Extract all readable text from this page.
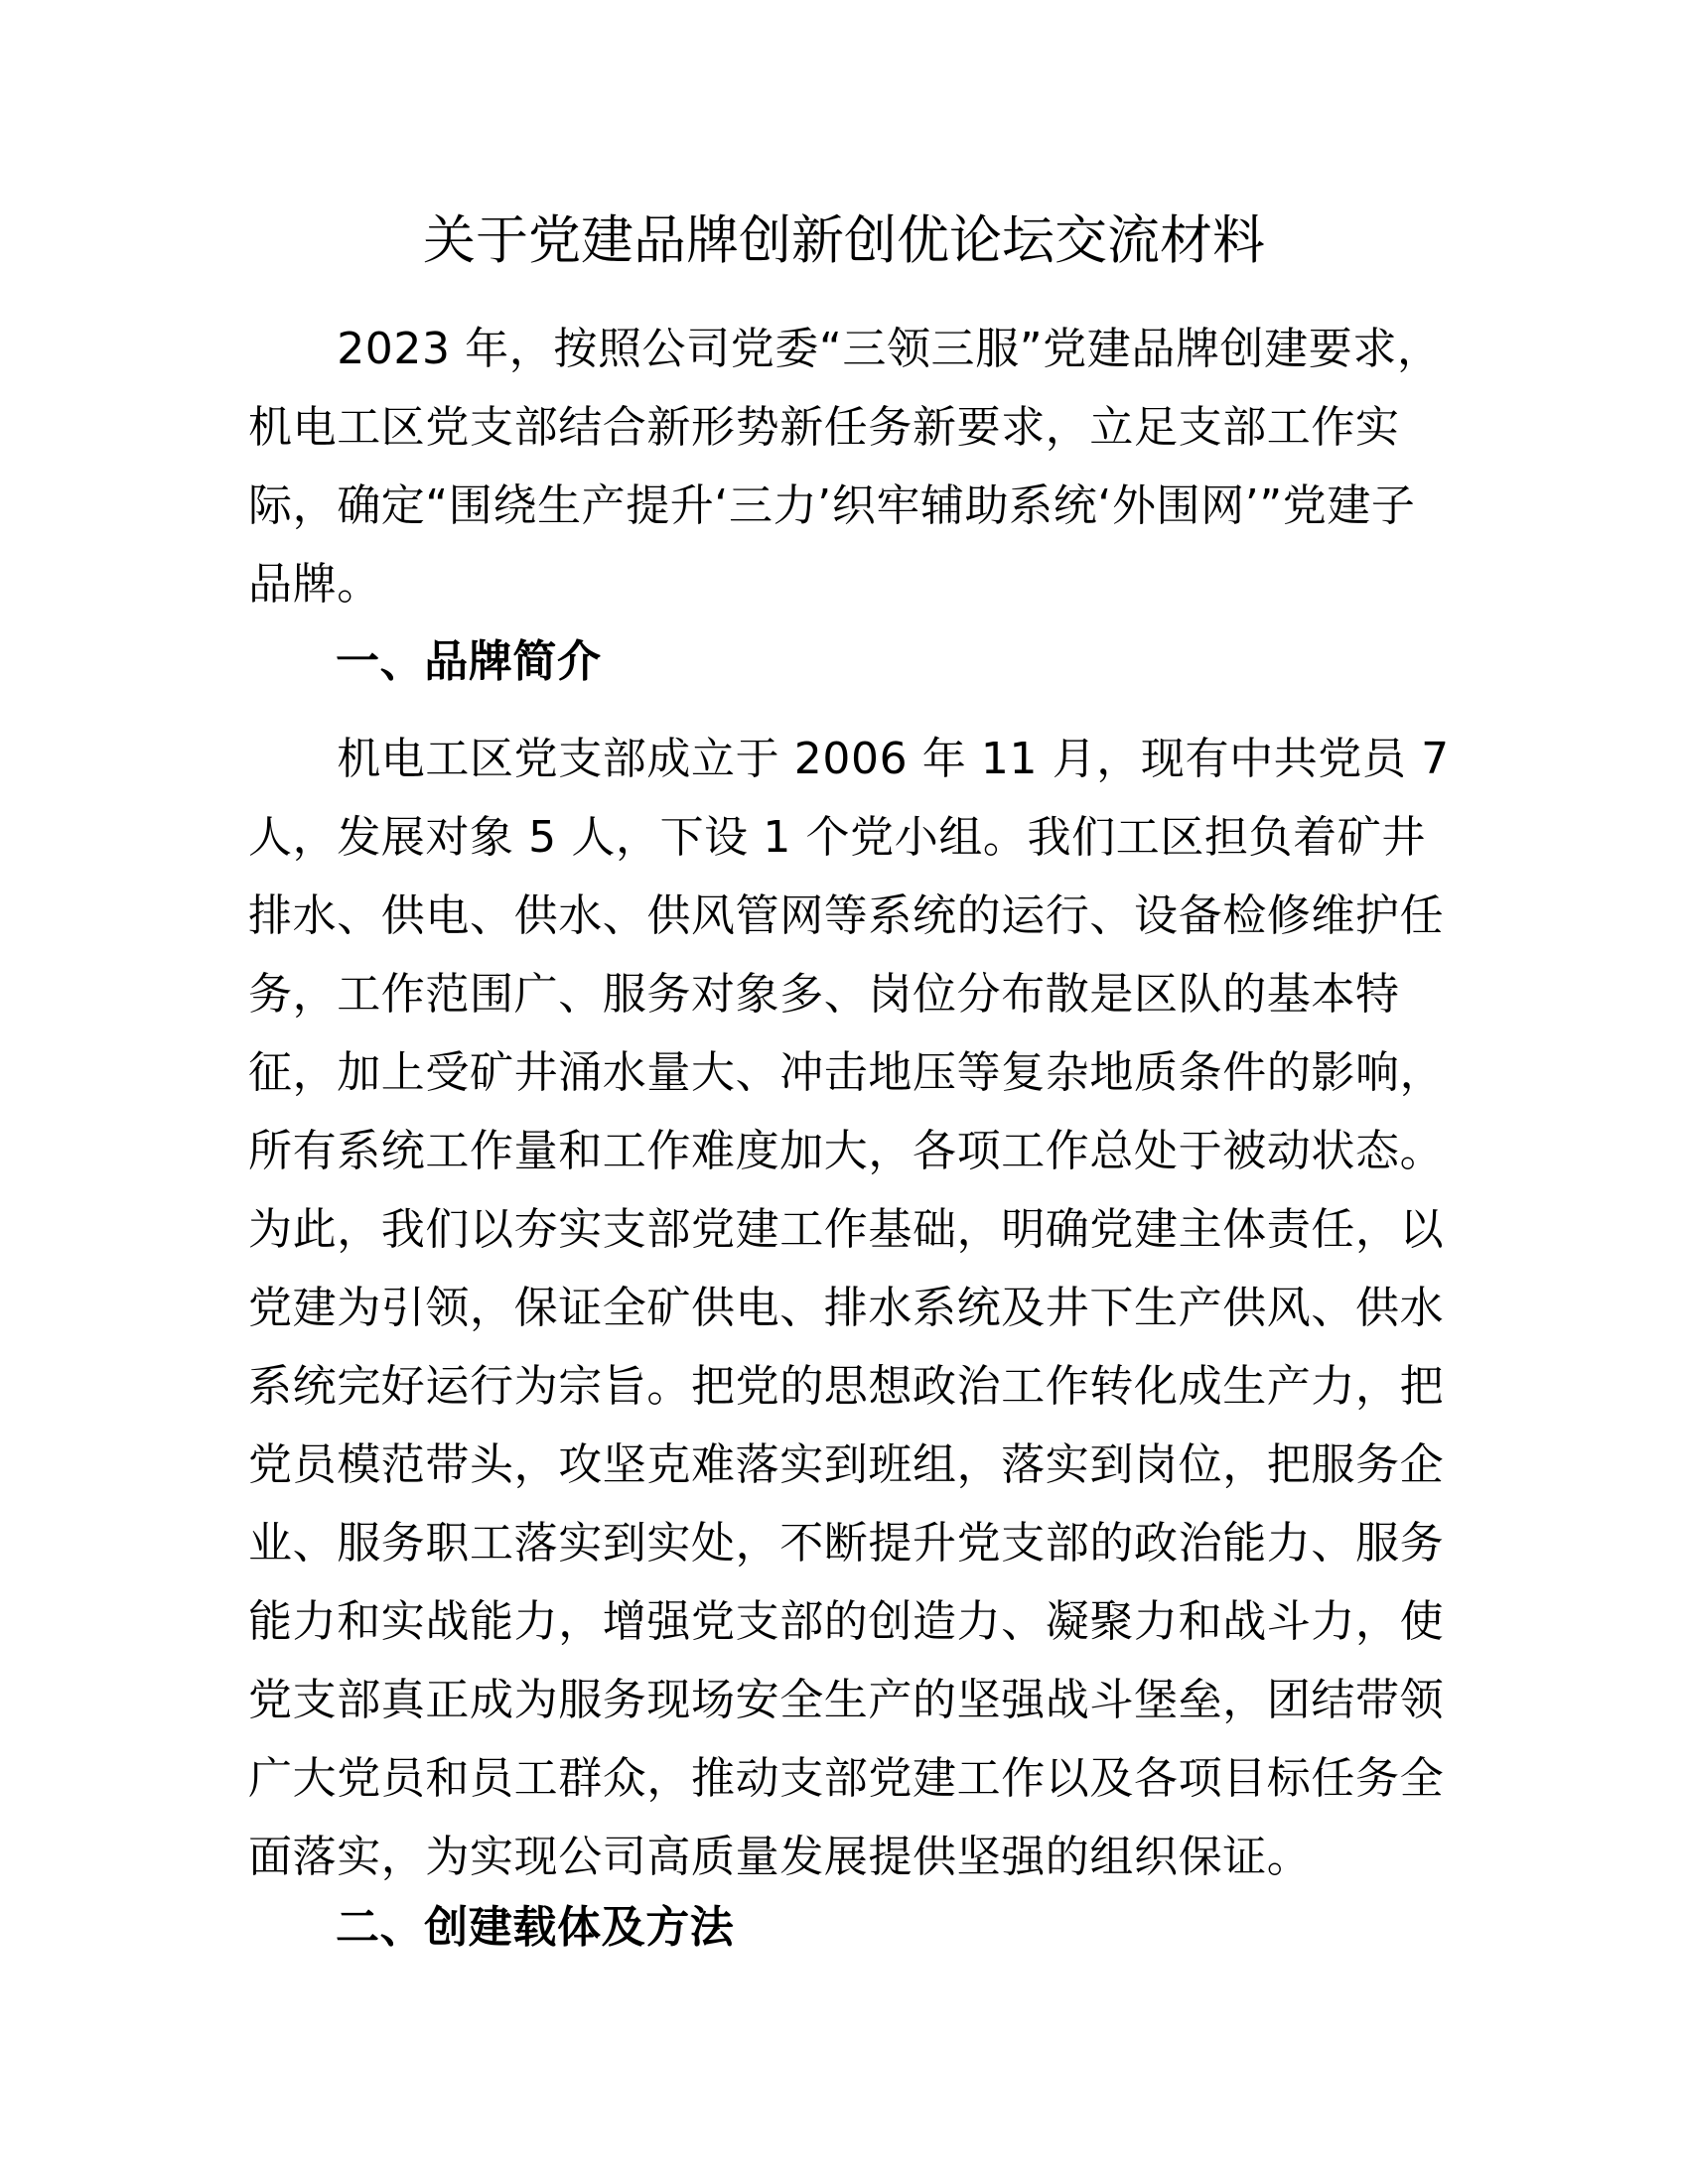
关于党建品牌创新创优论坛交流材料
　　2023 年，按照公司党委“三领三服”党建品牌创建要求，
机电工区党支部结合新形势新任务新要求，立足支部工作实
际，确定“围绕生产提升‘三力’织牢辅助系统‘外围网’”党建子
品牌。
一、品牌简介
　　机电工区党支部成立于 2006 年 11 月，现有中共党员 7
人，发展对象 5 人，下设 1 个党小组。我们工区担负着矿井
排水、供电、供水、供风管网等系统的运行、设备检修维护任
务，工作范围广、服务对象多、岗位分布散是区队的基本特
征，加上受矿井涌水量大、冲击地压等复杂地质条件的影响，
所有系统工作量和工作难度加大，各项工作总处于被动状态。
为此，我们以夯实支部党建工作基础，明确党建主体责任，以
党建为引领，保证全矿供电、排水系统及井下生产供风、供水
系统完好运行为宗旨。把党的思想政治工作转化成生产力，把
党员模范带头，攻坚克难落实到班组，落实到岗位，把服务企
业、服务职工落实到实处，不断提升党支部的政治能力、服务
能力和实战能力，增强党支部的创造力、凝聚力和战斗力，使
党支部真正成为服务现场安全生产的坚强战斗堡垒，团结带领
广大党员和员工群众，推动支部党建工作以及各项目标任务全
面落实，为实现公司高质量发展提供坚强的组织保证。
二、创建载体及方法
